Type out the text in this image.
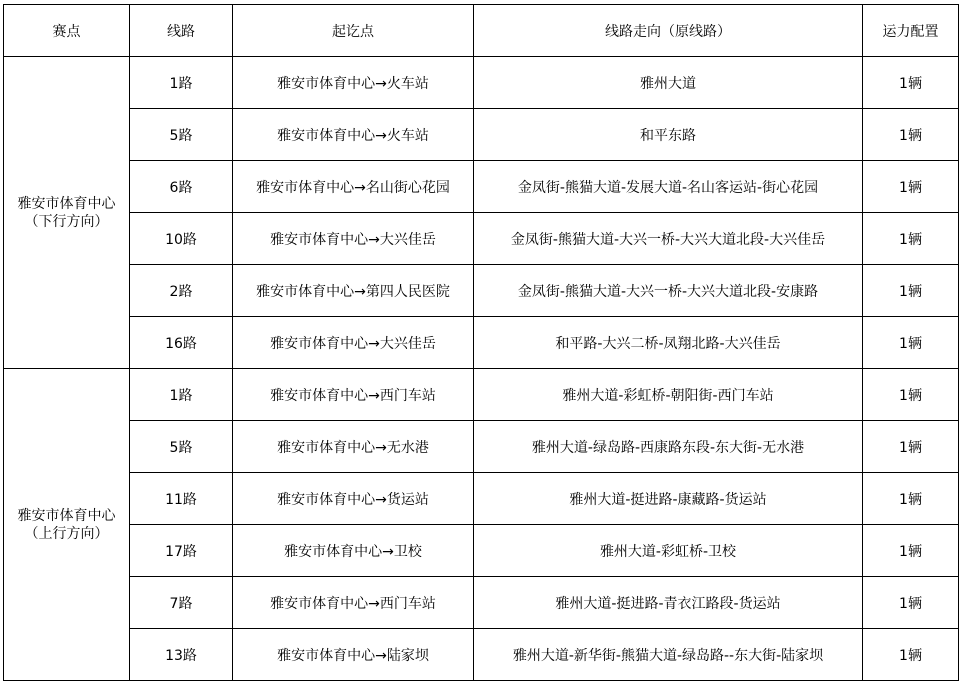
赛点	线路	起讫点	线路走向（原线路）	运力配置

雅安市体育中心
（下行方向）	1路	雅安市体育中心→火车站	雅州大道	1辆
	5路	雅安市体育中心→火车站	和平东路	1辆
	6路	雅安市体育中心→名山街心花园	金凤街-熊猫大道-发展大道-名山客运站-街心花园	1辆
	10路	雅安市体育中心→大兴佳岳	金凤街-熊猫大道-大兴一桥-大兴大道北段-大兴佳岳	1辆
	2路	雅安市体育中心→第四人民医院	金凤街-熊猫大道-大兴一桥-大兴大道北段-安康路	1辆
	16路	雅安市体育中心→大兴佳岳	和平路-大兴二桥-凤翔北路-大兴佳岳	1辆

雅安市体育中心
（上行方向）	1路	雅安市体育中心→西门车站	雅州大道-彩虹桥-朝阳街-西门车站	1辆
	5路	雅安市体育中心→无水港	雅州大道-绿岛路-西康路东段-东大街-无水港	1辆
	11路	雅安市体育中心→货运站	雅州大道-挺进路-康藏路-货运站	1辆
	17路	雅安市体育中心→卫校	雅州大道-彩虹桥-卫校	1辆
	7路	雅安市体育中心→西门车站	雅州大道-挺进路-青衣江路段-货运站	1辆
	13路	雅安市体育中心→陆家坝	雅州大道-新华街-熊猫大道-绿岛路--东大街-陆家坝	1辆
